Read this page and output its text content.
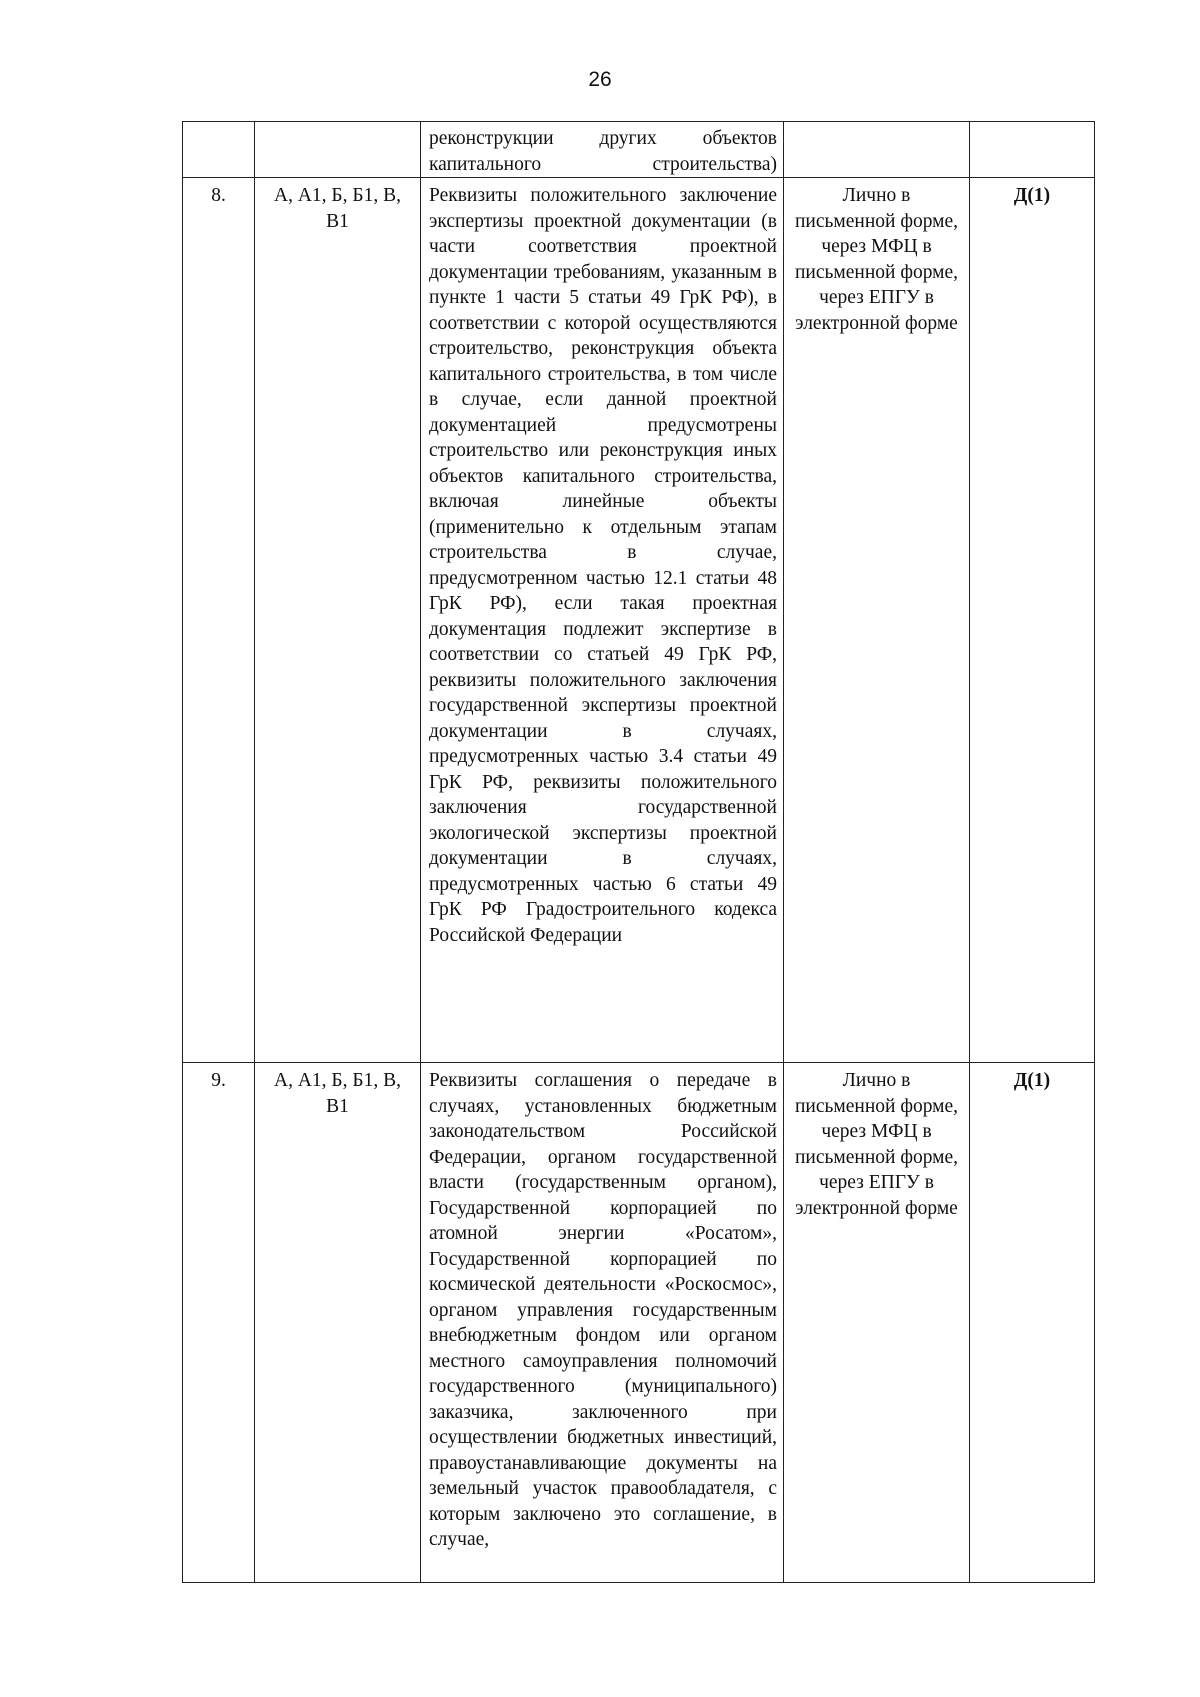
26
		реконструкции других объектов капитального строительства)		
8.	А, А1, Б, Б1, В, В1	Реквизиты положительного заключение экспертизы проектной документации (в части соответствия проектной документации требованиям, указанным в пункте 1 части 5 статьи 49 ГрК РФ), в соответствии с которой осуществляются строительство, реконструкция объекта капитального строительства, в том числе в случае, если данной проектной документацией предусмотрены строительство или реконструкция иных объектов капитального строительства, включая линейные объекты (применительно к отдельным этапам строительства в случае, предусмотренном частью 12.1 статьи 48 ГрК РФ), если такая проектная документация подлежит экспертизе в соответствии со статьей 49 ГрК РФ, реквизиты положительного заключения государственной экспертизы проектной документации в случаях, предусмотренных частью 3.4 статьи 49 ГрК РФ, реквизиты положительного заключения государственной экологической экспертизы проектной документации в случаях, предусмотренных частью 6 статьи 49 ГрК РФ Градостроительного кодекса Российской Федерации	Лично в письменной форме, через МФЦ в письменной форме, через ЕПГУ в электронной форме	Д(1)
9.	А, А1, Б, Б1, В, В1	Реквизиты соглашения о передаче в случаях, установленных бюджетным законодательством Российской Федерации, органом государственной власти (государственным органом), Государственной корпорацией по атомной энергии «Росатом», Государственной корпорацией по космической деятельности «Роскосмос», органом управления государственным внебюджетным фондом или органом местного самоуправления полномочий государственного (муниципального) заказчика, заключенного при осуществлении бюджетных инвестиций, правоустанавливающие документы на земельный участок правообладателя, с которым заключено это соглашение, в случае,	Лично в письменной форме, через МФЦ в письменной форме, через ЕПГУ в электронной форме	Д(1)
